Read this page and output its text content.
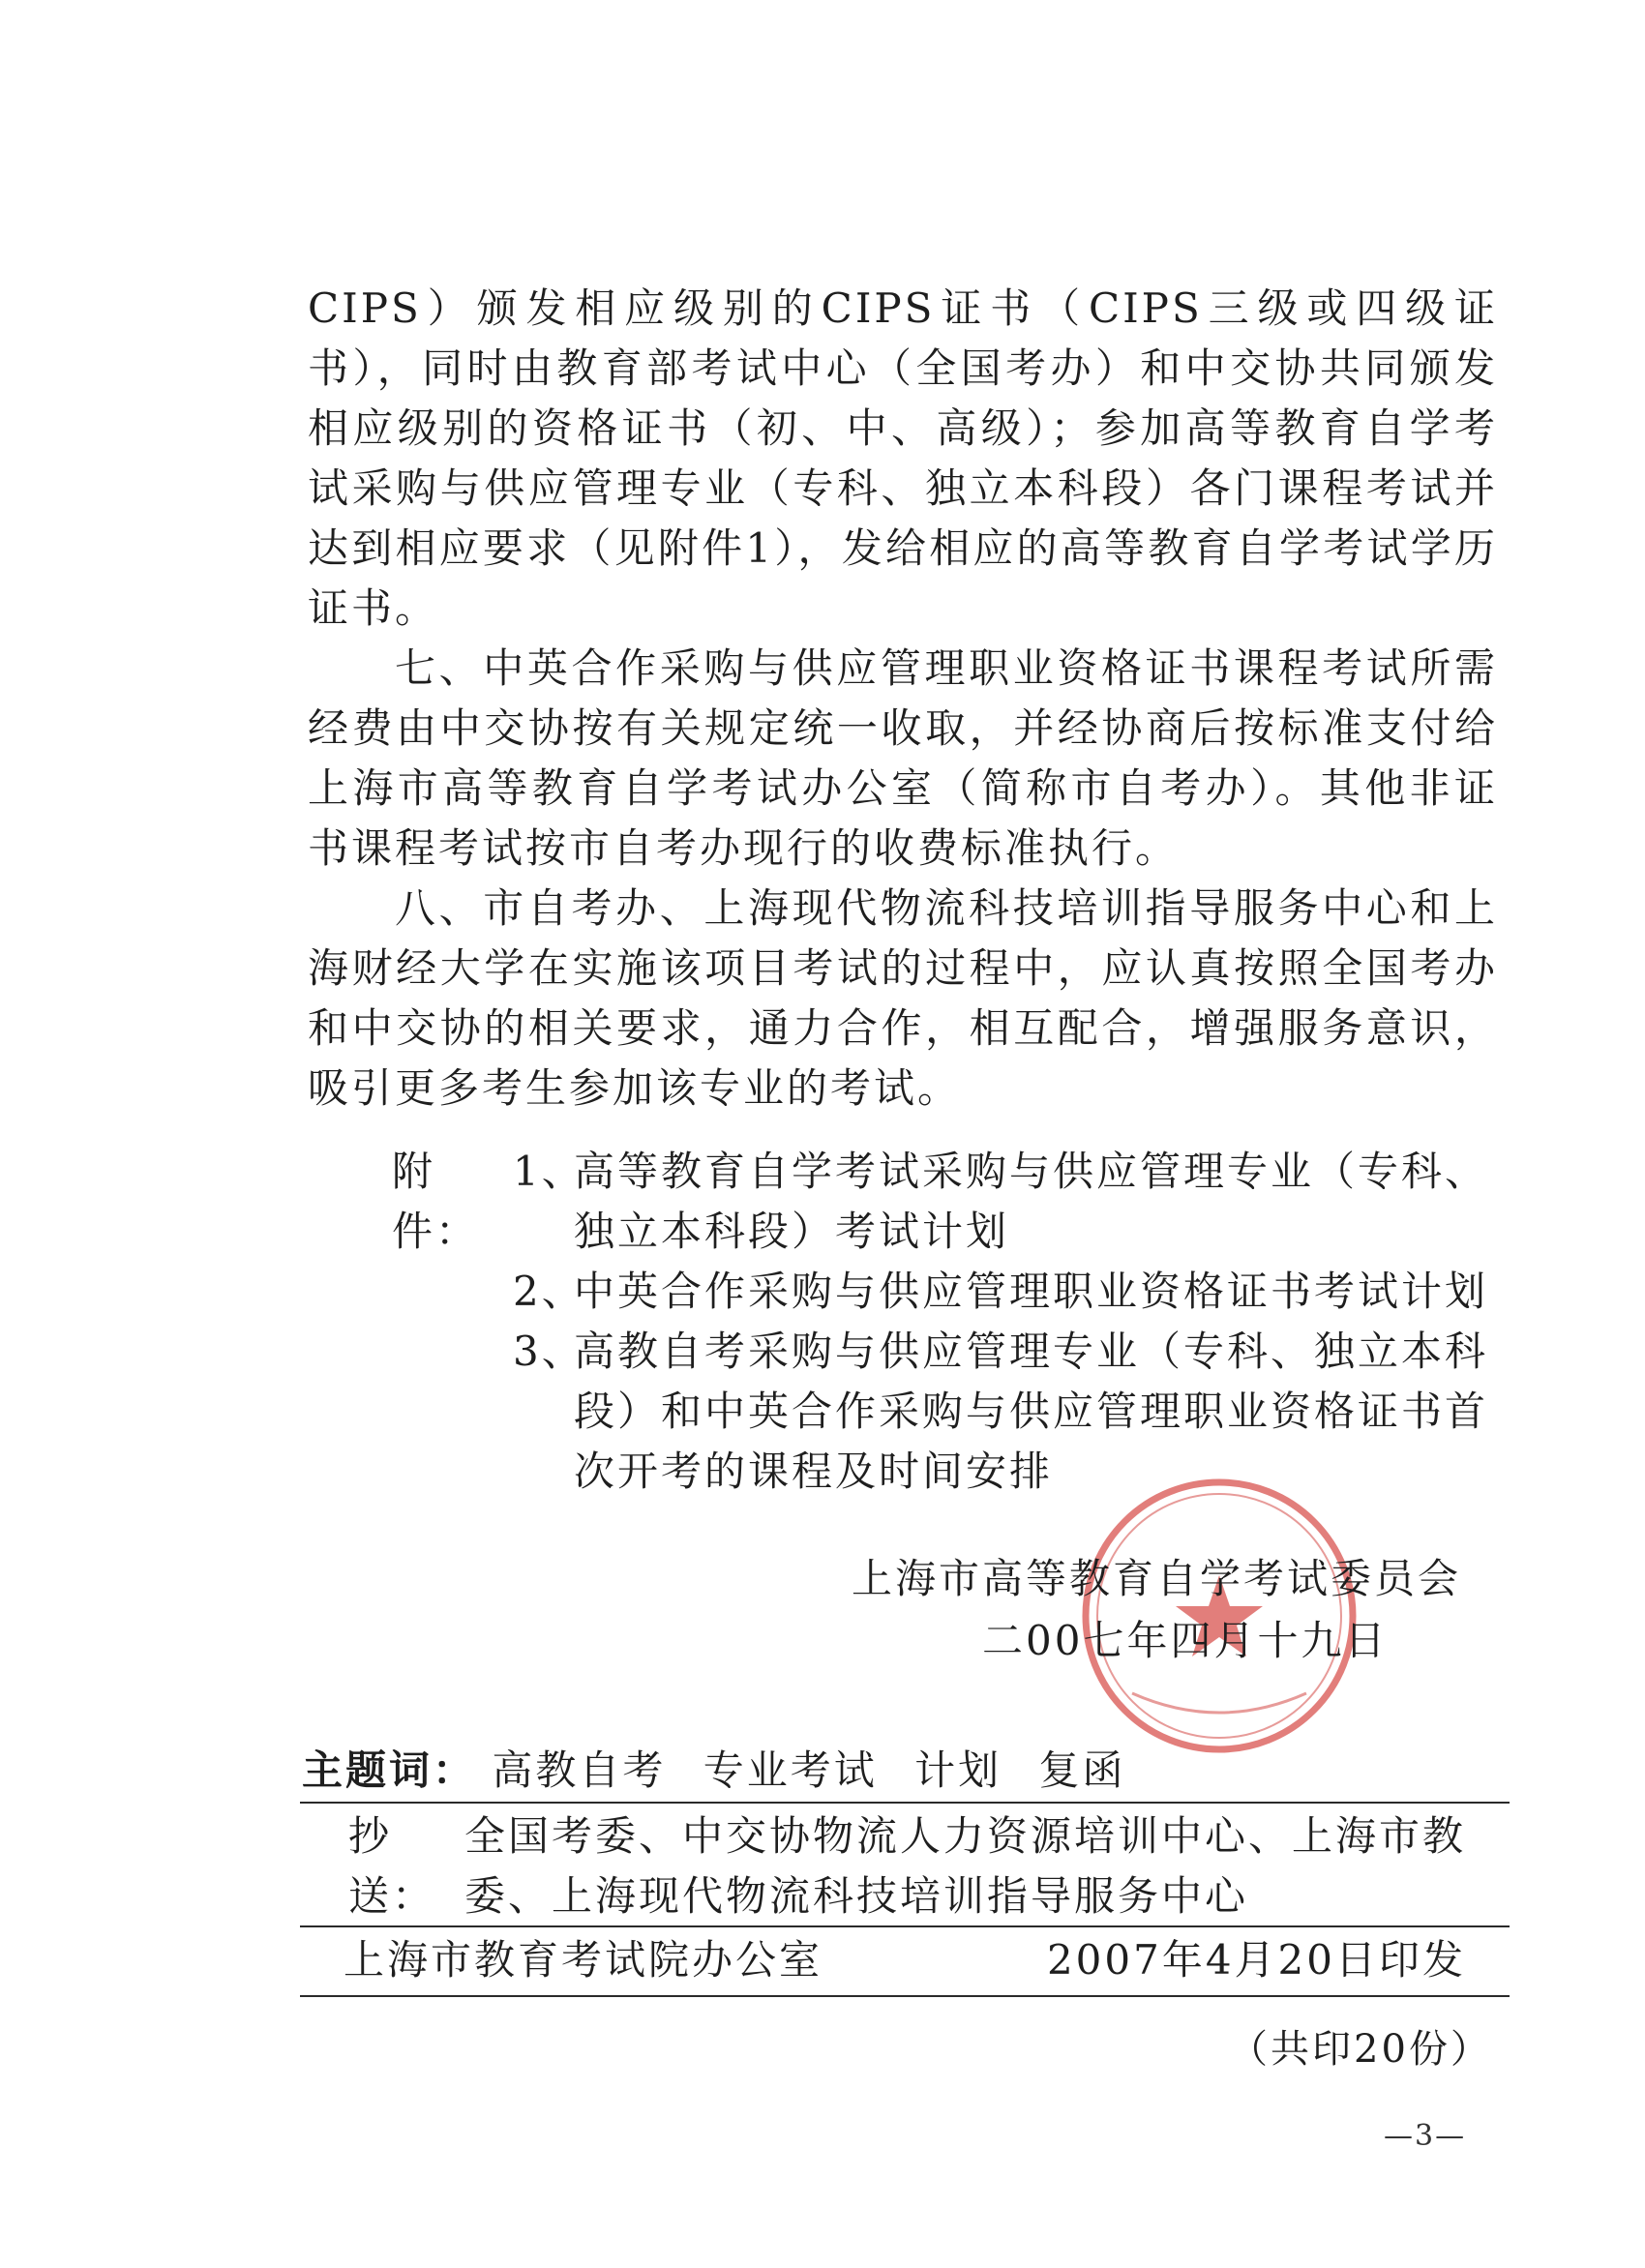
CIPS）颁发相应级别的CIPS证书（CIPS三级或四级证书），同时由教育部考试中心（全国考办）和中交协共同颁发相应级别的资格证书（初、中、高级）；参加高等教育自学考试采购与供应管理专业（专科、独立本科段）各门课程考试并达到相应要求（见附件1），发给相应的高等教育自学考试学历证书。

七、中英合作采购与供应管理职业资格证书课程考试所需经费由中交协按有关规定统一收取，并经协商后按标准支付给上海市高等教育自学考试办公室（简称市自考办）。其他非证书课程考试按市自考办现行的收费标准执行。

八、市自考办、上海现代物流科技培训指导服务中心和上海财经大学在实施该项目考试的过程中，应认真按照全国考办和中交协的相关要求，通力合作，相互配合，增强服务意识，吸引更多考生参加该专业的考试。

附件：
1、
高等教育自学考试采购与供应管理专业（专科、独立本科段）考试计划
2、
中英合作采购与供应管理职业资格证书考试计划
3、
高教自考采购与供应管理专业（专科、独立本科段）和中英合作采购与供应管理职业资格证书首次开考的课程及时间安排
上海市高等教育自学考试委员会
二00七年四月十九日
主题词： 高教自考 专业考试 计划 复函
抄送：
全国考委、中交协物流人力资源培训中心、上海市教委、上海现代物流科技培训指导服务中心
上海市教育考试院办公室	2007年4月20日印发
（共印20份）
—3—
